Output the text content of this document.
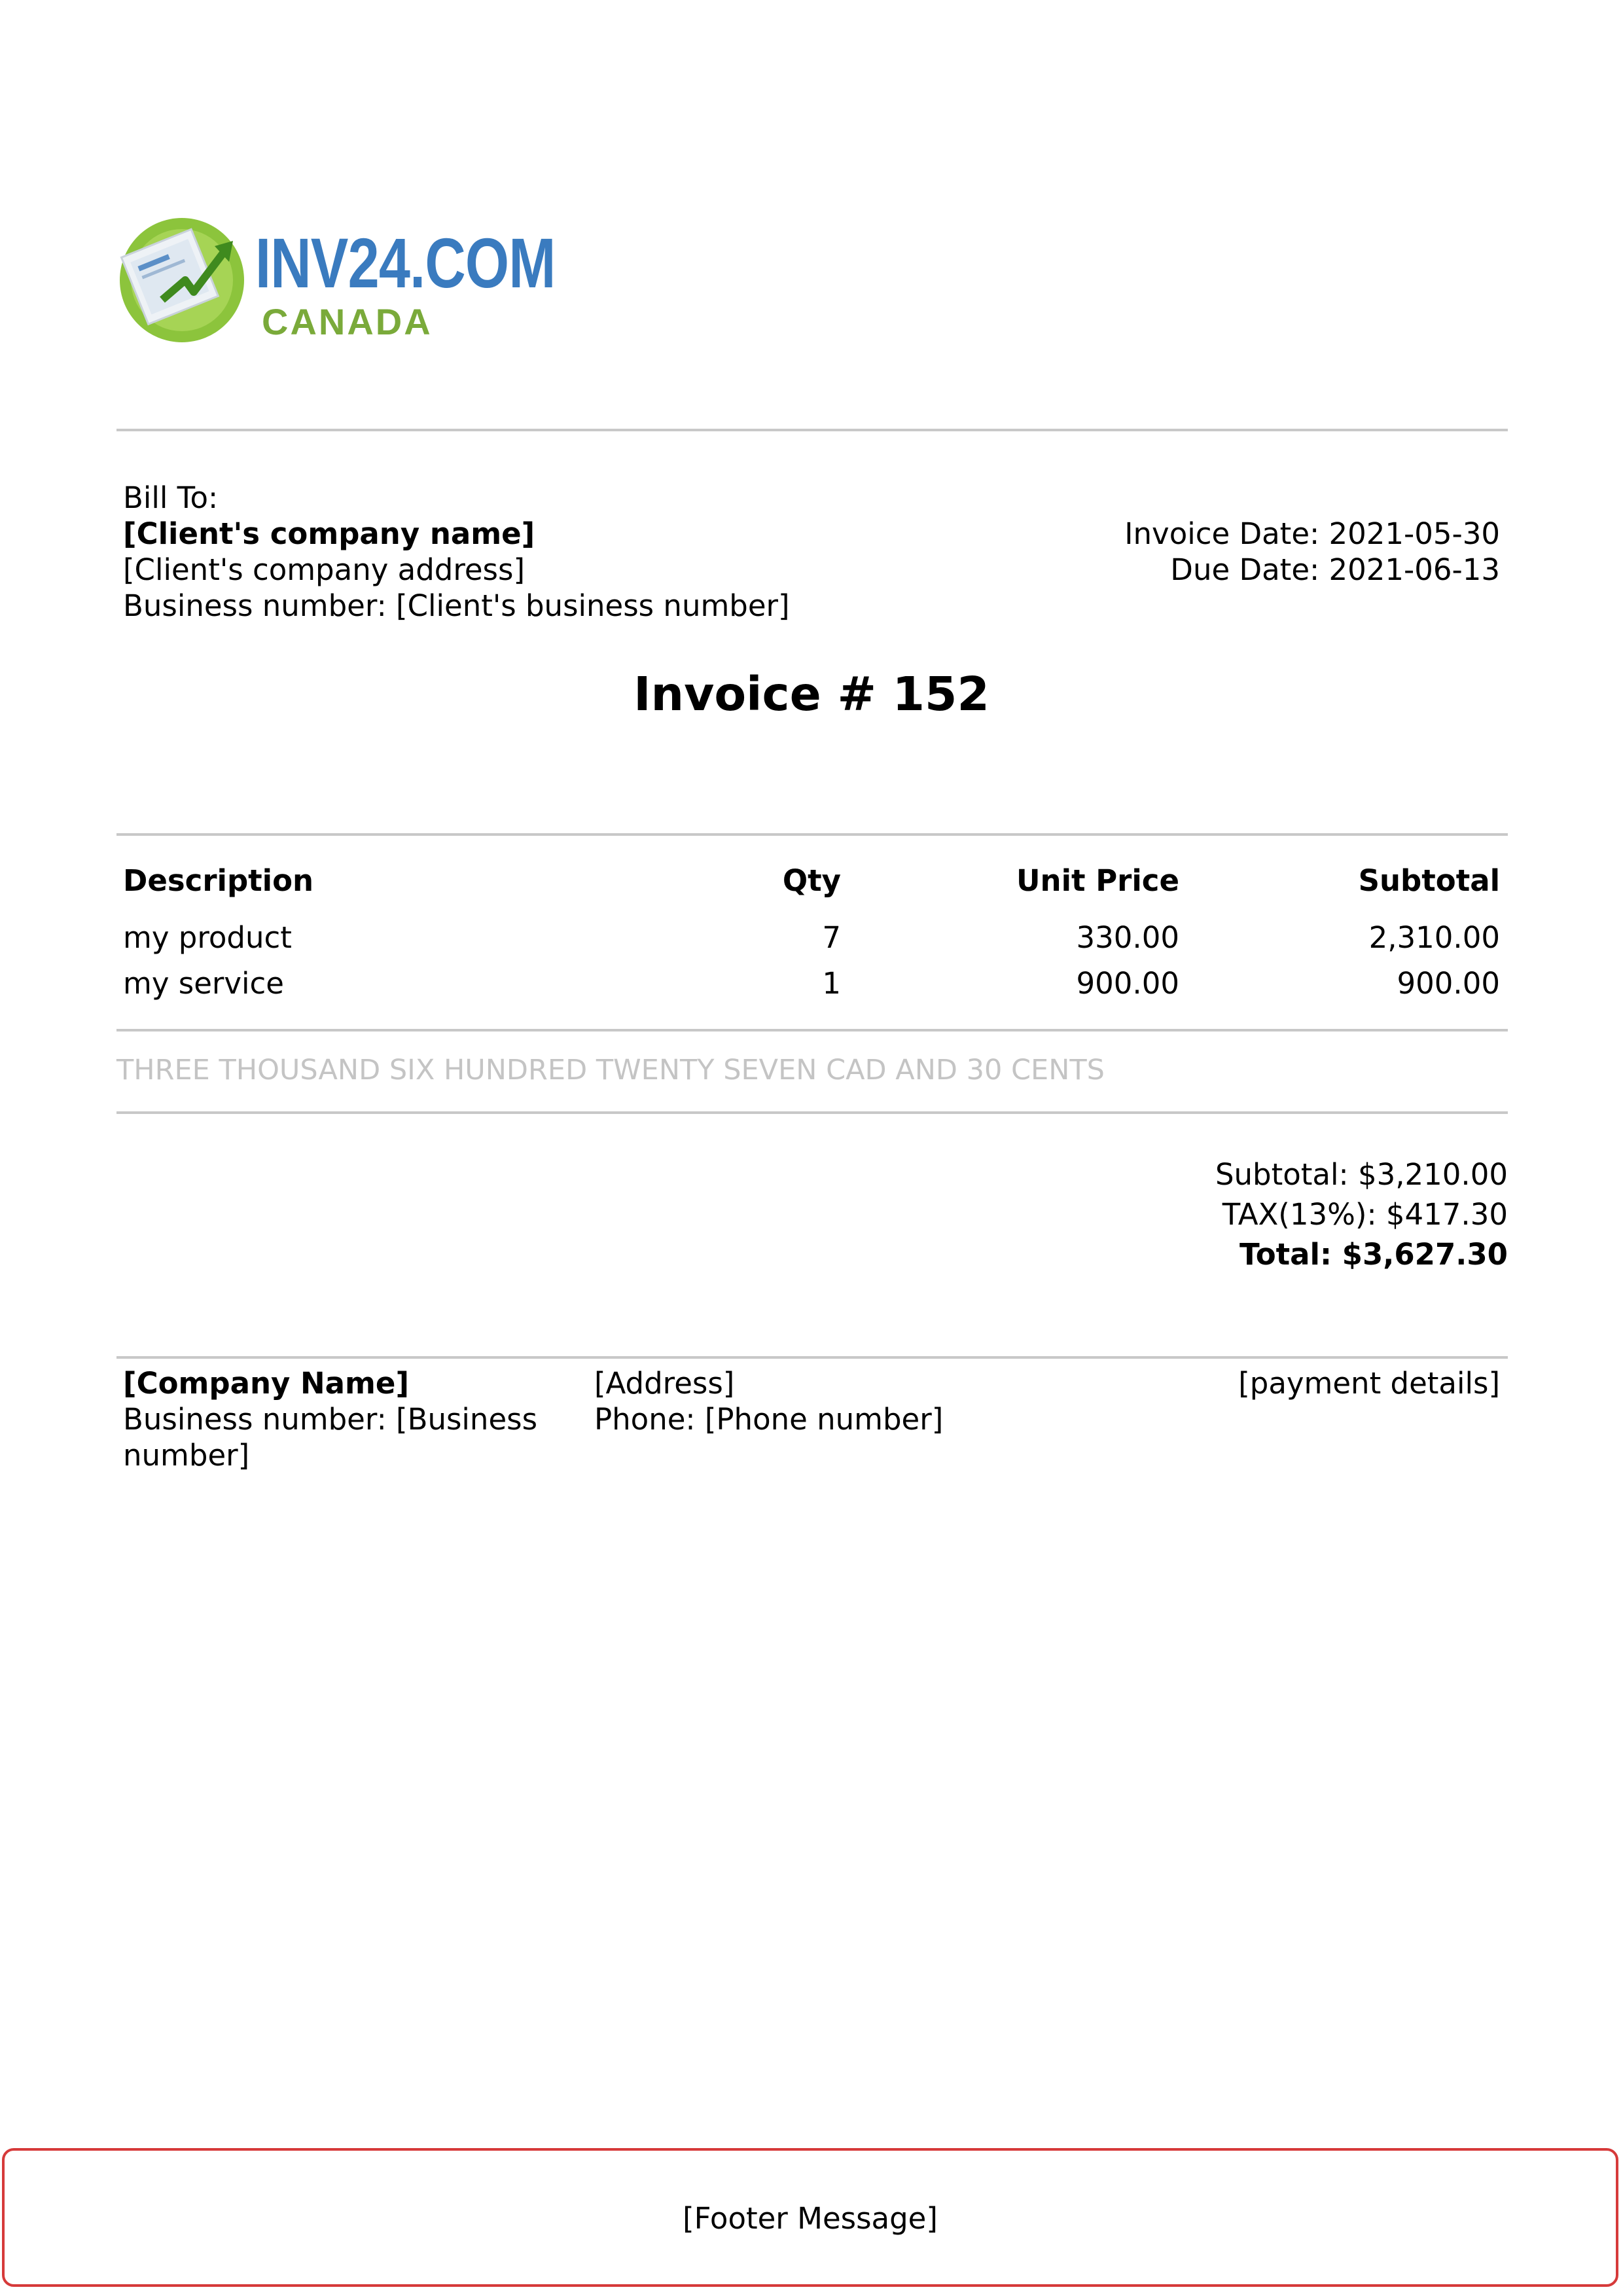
INV24.COM
CANADA
Bill To:
[Client's company name]
[Client's company address]
Business number: [Client's business number]
Invoice Date: 2021-05-30
Due Date: 2021-06-13
Invoice # 152
Description	Qty	Unit Price	Subtotal
my product	7	330.00	2,310.00
my service	1	900.00	900.00
THREE THOUSAND SIX HUNDRED TWENTY SEVEN CAD AND 30 CENTS
Subtotal: $3,210.00
TAX(13%): $417.30
Total: $3,627.30
[Company Name]
Business number: [Business
number]
[Address]
Phone: [Phone number]
[payment details]
[Footer Message]
